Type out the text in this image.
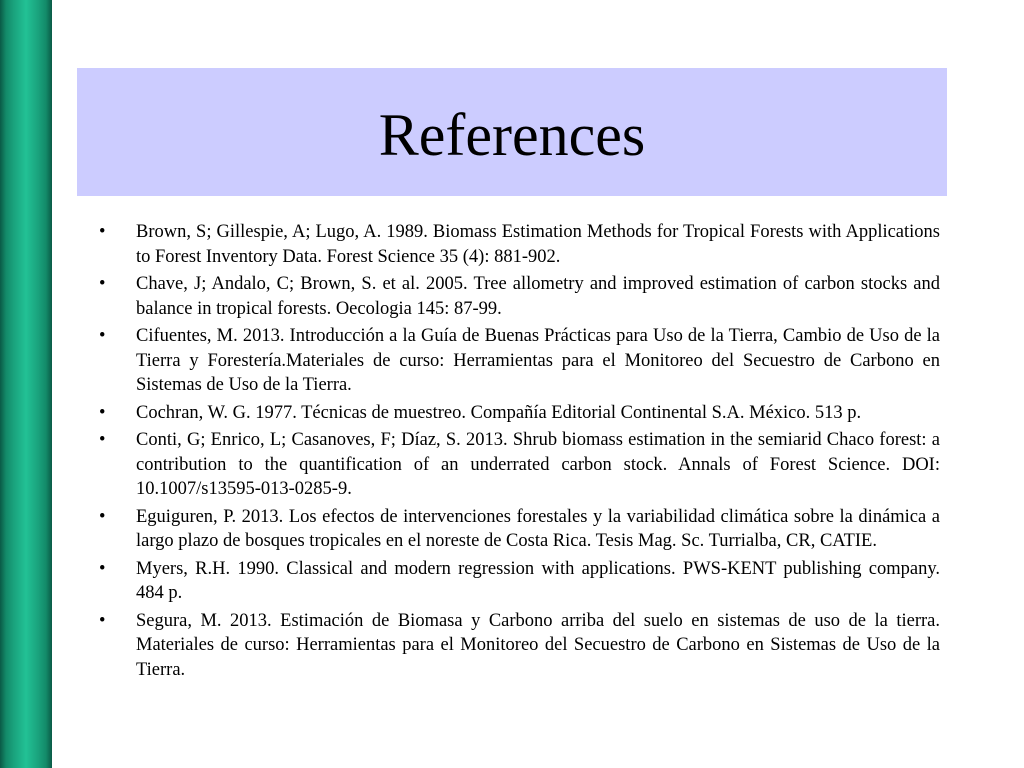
References
•	Brown, S; Gillespie, A; Lugo, A. 1989. Biomass Estimation Methods for Tropical Forests with Applications to Forest Inventory Data. Forest Science 35 (4): 881-902.
•	Chave, J; Andalo, C; Brown, S. et al. 2005. Tree allometry and improved estimation of carbon stocks and balance in tropical forests. Oecologia 145: 87-99.
•	Cifuentes, M. 2013. Introducción a la Guía de Buenas Prácticas para Uso de la Tierra, Cambio de Uso de la Tierra y Forestería.Materiales de curso: Herramientas para el Monitoreo del Secuestro de Carbono en Sistemas de Uso de la Tierra.
•	Cochran, W. G. 1977. Técnicas de muestreo. Compañía Editorial Continental S.A. México. 513 p.
•	Conti, G; Enrico, L; Casanoves, F; Díaz, S. 2013. Shrub biomass estimation in the semiarid Chaco forest: a contribution to the quantification of an underrated carbon stock. Annals of Forest Science. DOI: 10.1007/s13595-013-0285-9.
•	Eguiguren, P. 2013. Los efectos de intervenciones forestales y la variabilidad climática sobre la dinámica a largo plazo de bosques tropicales en el noreste de Costa Rica. Tesis Mag. Sc. Turrialba, CR, CATIE.
•	Myers, R.H. 1990. Classical and modern regression with applications. PWS-KENT publishing company. 484 p.
•	Segura, M. 2013. Estimación de Biomasa y Carbono arriba del suelo en sistemas de uso de la tierra. Materiales de curso: Herramientas para el Monitoreo del Secuestro de Carbono en Sistemas de Uso de la Tierra.
